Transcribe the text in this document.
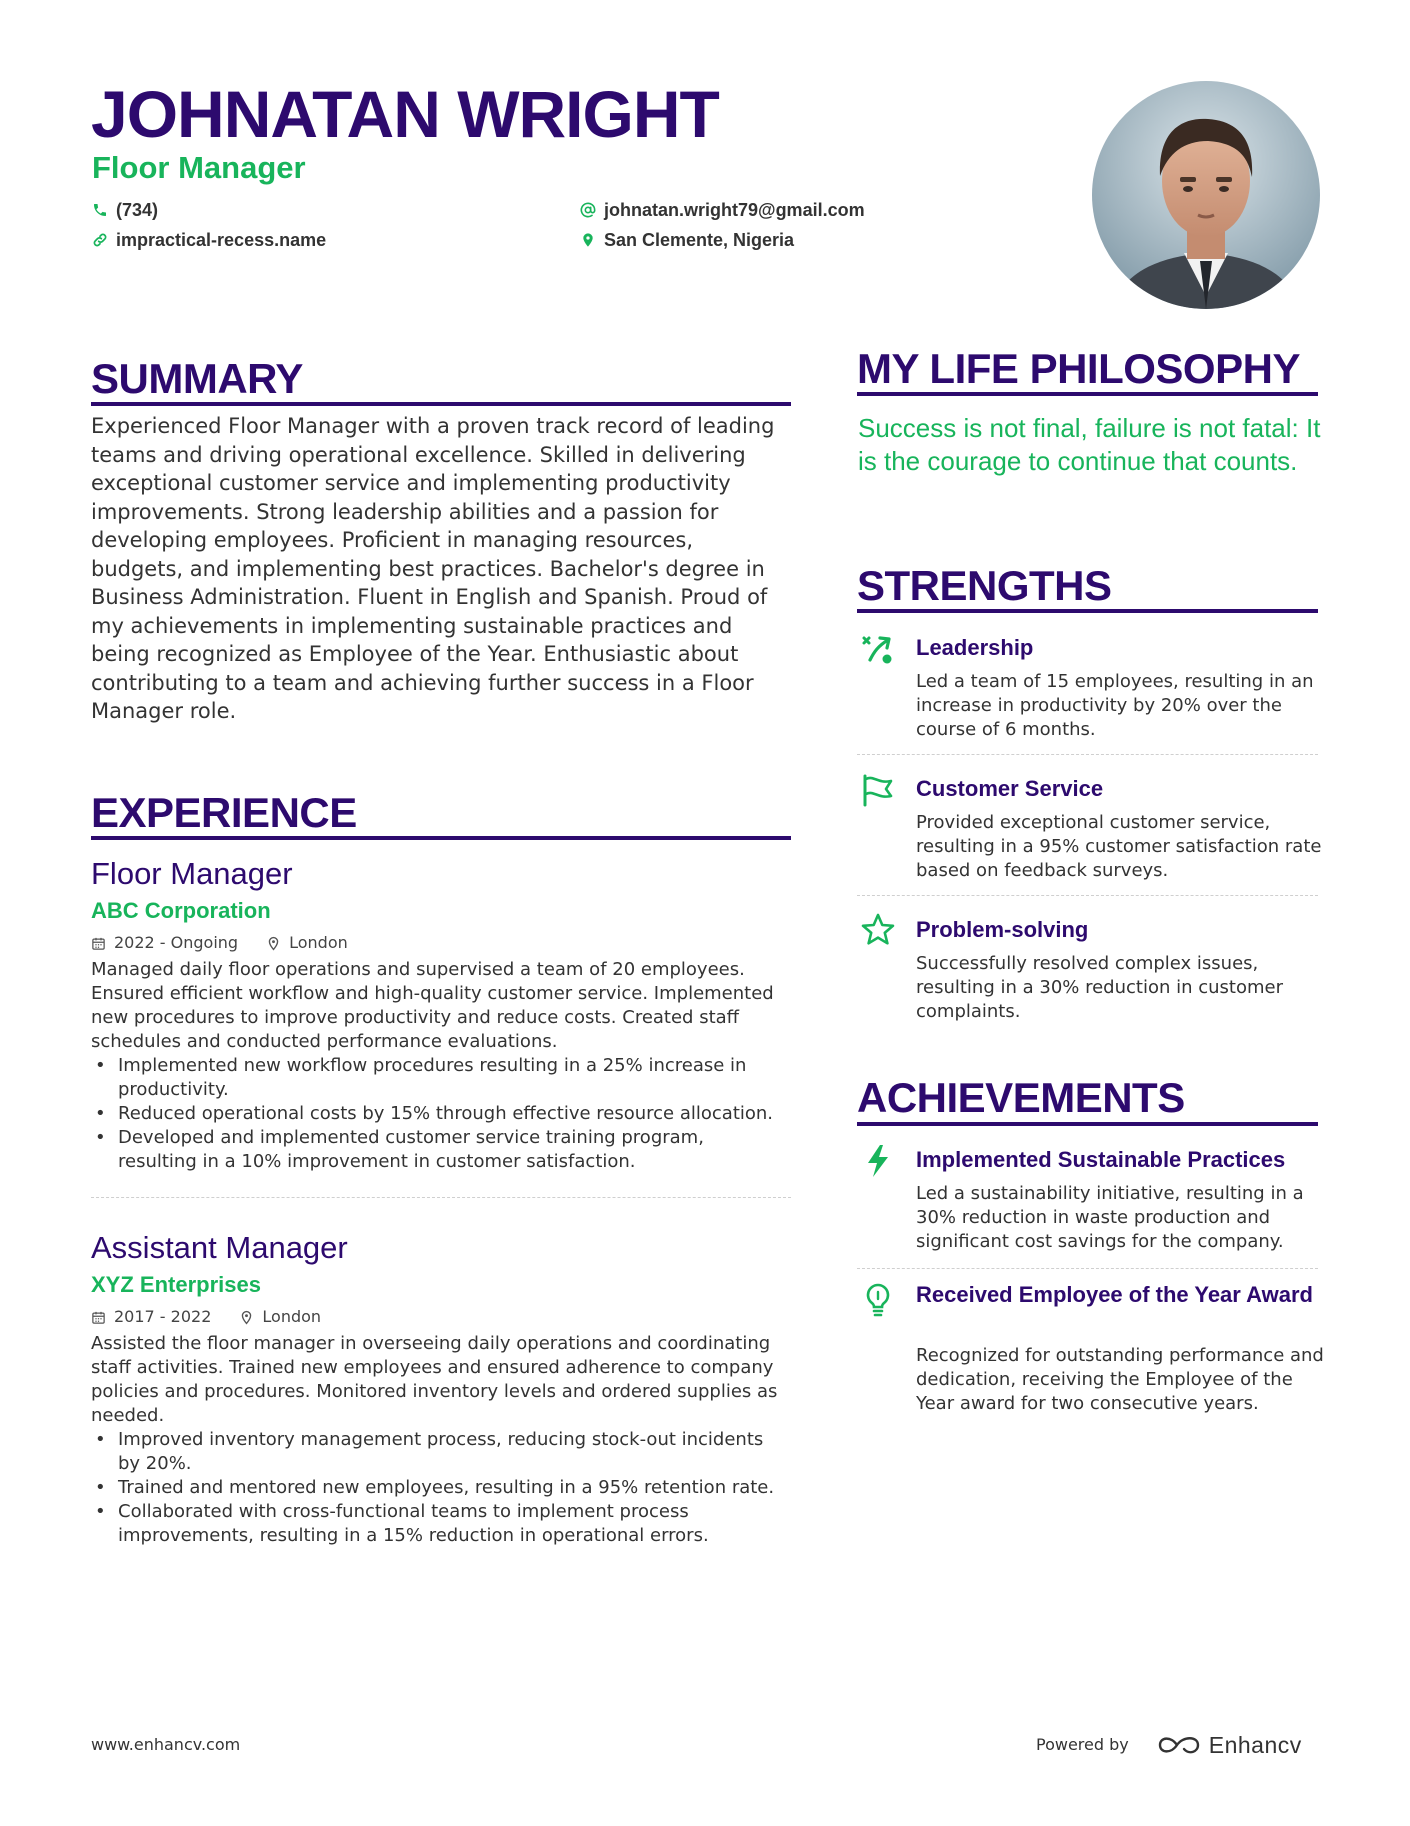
JOHNATAN WRIGHT
Floor Manager
(734)
impractical-recess.name
johnatan.wright79@gmail.com
San Clemente, Nigeria
SUMMARY
Experienced Floor Manager with a proven track record of leading teams and driving operational excellence. Skilled in delivering exceptional customer service and implementing productivity improvements. Strong leadership abilities and a passion for developing employees. Proficient in managing resources, budgets, and implementing best practices. Bachelor's degree in Business Administration. Fluent in English and Spanish. Proud of my achievements in implementing sustainable practices and being recognized as Employee of the Year. Enthusiastic about contributing to a team and achieving further success in a Floor Manager role.
EXPERIENCE
Floor Manager
ABC Corporation
2022 - Ongoing	London
Managed daily floor operations and supervised a team of 20 employees. Ensured efficient workflow and high-quality customer service. Implemented new procedures to improve productivity and reduce costs. Created staff schedules and conducted performance evaluations.
• Implemented new workflow procedures resulting in a 25% increase in productivity.
• Reduced operational costs by 15% through effective resource allocation.
• Developed and implemented customer service training program, resulting in a 10% improvement in customer satisfaction.
Assistant Manager
XYZ Enterprises
2017 - 2022	London
Assisted the floor manager in overseeing daily operations and coordinating staff activities. Trained new employees and ensured adherence to company policies and procedures. Monitored inventory levels and ordered supplies as needed.
• Improved inventory management process, reducing stock-out incidents by 20%.
• Trained and mentored new employees, resulting in a 95% retention rate.
• Collaborated with cross-functional teams to implement process improvements, resulting in a 15% reduction in operational errors.
MY LIFE PHILOSOPHY
Success is not final, failure is not fatal: It is the courage to continue that counts.
STRENGTHS
Leadership
Led a team of 15 employees, resulting in an increase in productivity by 20% over the course of 6 months.
Customer Service
Provided exceptional customer service, resulting in a 95% customer satisfaction rate based on feedback surveys.
Problem-solving
Successfully resolved complex issues, resulting in a 30% reduction in customer complaints.
ACHIEVEMENTS
Implemented Sustainable Practices
Led a sustainability initiative, resulting in a 30% reduction in waste production and significant cost savings for the company.
Received Employee of the Year Award
Recognized for outstanding performance and dedication, receiving the Employee of the Year award for two consecutive years.
www.enhancv.com	Powered by	Enhancv
